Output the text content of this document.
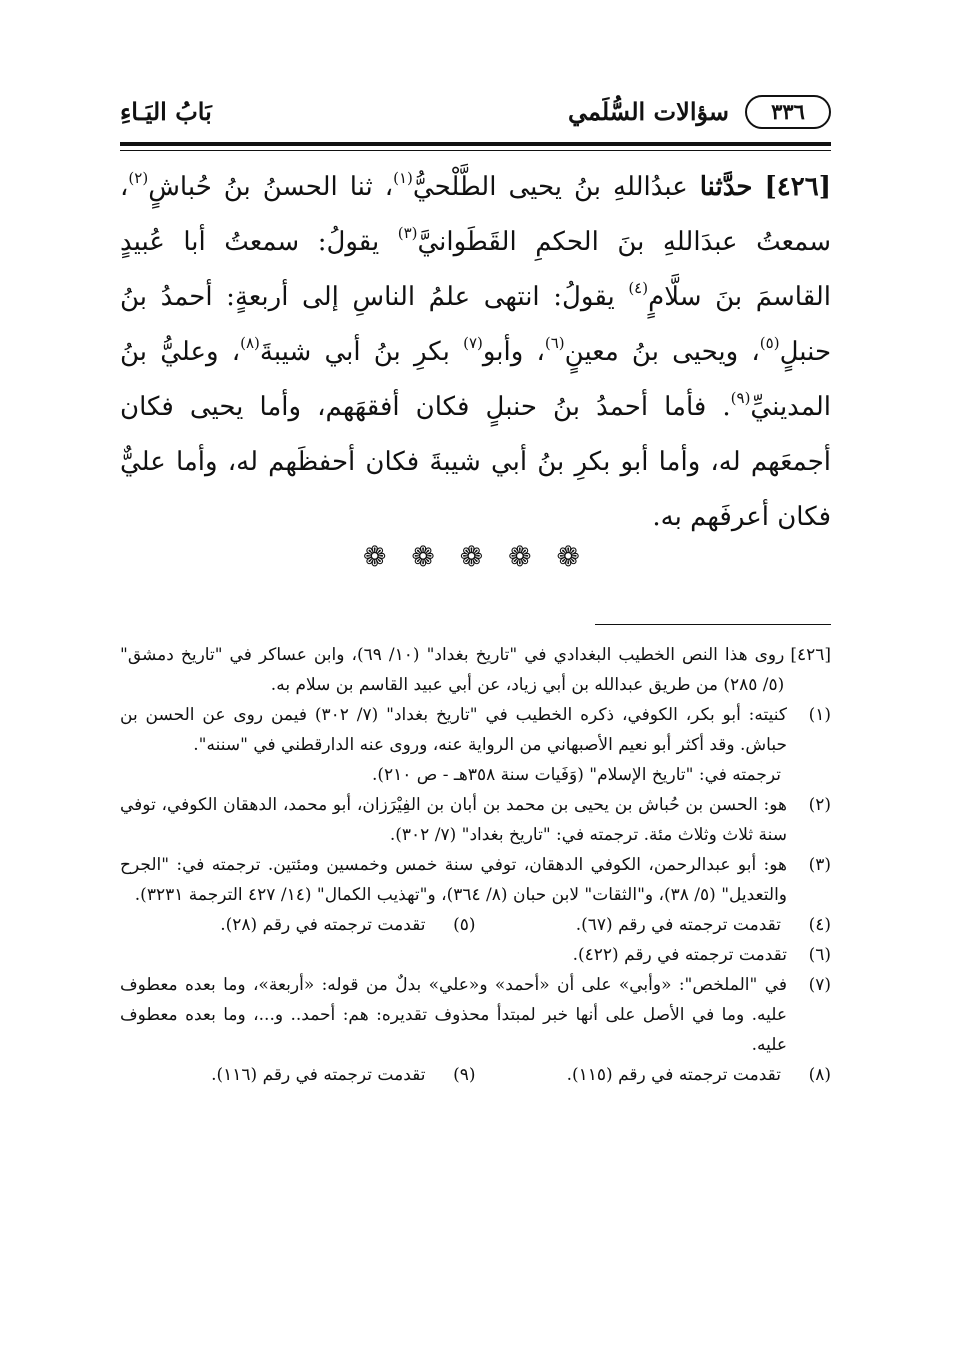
٣٣٦
سؤالات السُّلَمي
بَابُ اليَـاءِ
[٤٢٦] حدَّثنا عبدُاللهِ بنُ يحيى الطَّلْحيُّ$^{(١)}$، ثنا الحسنُ بنُ حُباشٍ$^{(٢)}$، سمعتُ عبدَاللهِ بنَ الحكمِ القَطَوانيَّ$^{(٣)}$ يقولُ: سمعتُ أبا عُبيدٍ القاسمَ بنَ سلَّامٍ$^{(٤)}$ يقولُ: انتهى علمُ الناسِ إلى أربعةٍ: أحمدُ بنُ حنبلٍ$^{(٥)}$، ويحيى بنُ معينٍ$^{(٦)}$، وأبو$^{(٧)}$ بكرِ بنُ أبي شيبةَ$^{(٨)}$، وعليُّ بنُ المدينيِّ$^{(٩)}$. فأما أحمدُ بنُ حنبلٍ فكان أفقهَهم، وأما يحيى فكان أجمعَهم له، وأما أبو بكرِ بنُ أبي شيبةَ فكان أحفظَهم له، وأما عليٌّ فكان أعرفَهم به.
❁ ❁ ❁ ❁ ❁
[٤٢٦]
روى هذا النص الخطيب البغدادي في "تاريخ بغداد" (١٠/ ٦٩)، وابن عساكر في "تاريخ دمشق" (٥/ ٢٨٥) من طريق عبدالله بن أبي زياد، عن أبي عبيد القاسم بن سلام به.
(١)
كنيته: أبو بكر، الكوفي، ذكره الخطيب في "تاريخ بغداد" (٧/ ٣٠٢) فيمن روى عن الحسن بن حباش. وقد أكثر أبو نعيم الأصبهاني من الرواية عنه، وروى عنه الدارقطني في "سننه".
ترجمته في: "تاريخ الإسلام" (وَفَيات سنة ٣٥٨هـ - ص ٢١٠).
(٢)
هو: الحسن بن حُباش بن يحيى بن محمد بن أبان بن الفِيْرَزان، أبو محمد، الدهقان الكوفي، توفي سنة ثلاث وثلاث مئة. ترجمته في: "تاريخ بغداد" (٧/ ٣٠٢).
(٣)
هو: أبو عبدالرحمن، الكوفي الدهقان، توفي سنة خمس وخمسين ومئتين. ترجمته في: "الجرح والتعديل" (٥/ ٣٨)، و"الثقات" لابن حبان (٨/ ٣٦٤)، و"تهذيب الكمال" (١٤/ ٤٢٧ الترجمة ٣٢٣١).
(٤)
تقدمت ترجمته في رقم (٦٧).
(٥)
تقدمت ترجمته في رقم (٢٨).
(٦)
تقدمت ترجمته في رقم (٤٢٢).
(٧)
في "الملخص": «وأبي» على أن «أحمد» و«علي» بدلٌ من قوله: «أربعة»، وما بعده معطوف عليه. وما في الأصل على أنها خبر لمبتدأ محذوف تقديره: هم: أحمد.. و...، وما بعده معطوف عليه.
(٨)
تقدمت ترجمته في رقم (١١٥).
(٩)
تقدمت ترجمته في رقم (١١٦).
